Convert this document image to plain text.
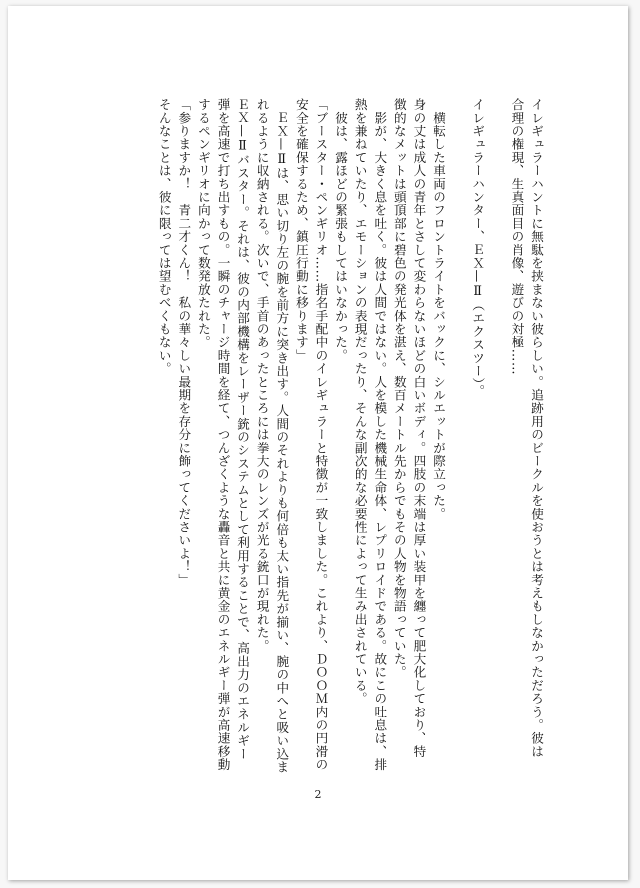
イレギュラーハントに無駄を挟まない彼らしい。追跡用のビークルを使おうとは考えもしなかっただろう。彼は

合理の権現、生真面目の肖像、遊びの対極……

イレギュラーハンター、ＥＸ—Ⅱ（エクスツー）。

　横転した車両のフロントライトをバックに、シルエットが際立った。

身の丈は成人の青年とさして変わらないほどの白いボディ。四肢の末端は厚い装甲を纏って肥大化しており、特

徴的なメットは頭頂部に碧色の発光体を湛え、数百メートル先からでもその人物を物語っていた。

　影が、大きく息を吐く。彼は人間ではない。人を模した機械生命体、レプリロイドである。故にこの吐息は、排

熱を兼ねていたり、エモーションの表現だったり、そんな副次的な必要性によって生み出されている。

　彼は、露ほどの緊張もしてはいなかった。

「ブースター・ペンギリオ……指名手配中のイレギュラーと特徴が一致しました。これより、ＤＯＯＭ内の円滑の

安全を確保するため、鎮圧行動に移ります」

　ＥＸ—Ⅱは、思い切り左の腕を前方に突き出す。人間のそれよりも何倍も太い指先が揃い、腕の中へと吸い込ま

れるように収納される。次いで、手首のあったところには拳大のレンズが光る銃口が現れた。

ＥＸ—Ⅱバスター。それは、彼の内部機構をレーザー銃のシステムとして利用することで、高出力のエネルギー

弾を高速で打ち出すもの。一瞬のチャージ時間を経て、つんざくような轟音と共に黄金のエネルギー弾が高速移動

するペンギリオに向かって数発放たれた。

「参りますか！　青二才くん！　私の華々しい最期を存分に飾ってくださいよ！」

そんなことは、彼に限っては望むべくもない。

2
